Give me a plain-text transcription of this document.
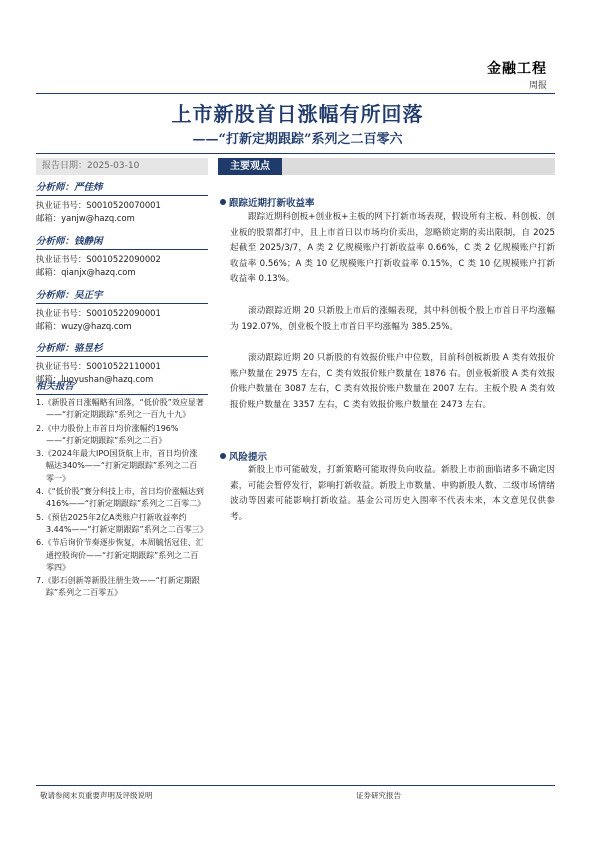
金融工程
周报
上市新股首日涨幅有所回落
——“打新定期跟踪”系列之二百零六
报告日期：2025-03-10	主要观点
分析师：严佳炜
执业证书号：S0010520070001
邮箱：yanjw@hazq.com
分析师：钱静闲
执业证书号：S0010522090002
邮箱：qianjx@hazq.com
分析师：吴正宇
执业证书号：S0010522090001
邮箱：wuzy@hazq.com
分析师：骆昱杉
执业证书号：S0010522110001
邮箱：luoyushan@hazq.com
相关报告
1.《新股首日涨幅略有回落，“低价股”效应显著——“打新定期跟踪”系列之一百九十九》
2.《中力股份上市首日均价涨幅约196%——“打新定期跟踪”系列之二百》
3.《2024年最大IPO国货航上市，首日均价涨幅达340%——“打新定期跟踪”系列之二百零一》
4.《“低价股”赛分科技上市，首日均价涨幅达到416%——“打新定期跟踪”系列之二百零二》
5.《预估2025年2亿A类账户打新收益率约3.44%——“打新定期跟踪”系列之二百零三》
6.《节后询价节奏逐步恢复，本周毓恬冠佳、汇通控股询价——“打新定期跟踪”系列之二百零四》
7.《影石创新等新股注册生效——“打新定期跟踪”系列之二百零五》
跟踪近期打新收益率
跟踪近期科创板+创业板+主板的网下打新市场表现，假设所有主板、科创板、创业板的股票都打中，且上市首日以市场均价卖出，忽略锁定期的卖出限制，自 2025 起截至 2025/3/7，A 类 2 亿规模账户打新收益率 0.66%，C 类 2 亿规模账户打新收益率 0.56%；A 类 10 亿规模账户打新收益率 0.15%，C 类 10 亿规模账户打新收益率 0.13%。
滚动跟踪近期 20 只新股上市后的涨幅表现，其中科创板个股上市首日平均涨幅为 192.07%，创业板个股上市首日平均涨幅为 385.25%。
滚动跟踪近期 20 只新股的有效报价账户中位数，目前科创板新股 A 类有效报价账户数量在 2975 左右，C 类有效报价账户数量在 1876 右。创业板新股 A 类有效报价账户数量在 3087 左右，C 类有效报价账户数量在 2007 左右。主板个股 A 类有效报价账户数量在 3357 左右，C 类有效报价账户数量在 2473 左右。
风险提示
新股上市可能破发，打新策略可能取得负向收益。新股上市前面临诸多不确定因素，可能会暂停发行，影响打新收益。新股上市数量、申购新股人数、二级市场情绪波动等因素可能影响打新收益。基金公司历史入围率不代表未来，本文意见仅供参考。
敬请参阅末页重要声明及评级说明	证券研究报告
